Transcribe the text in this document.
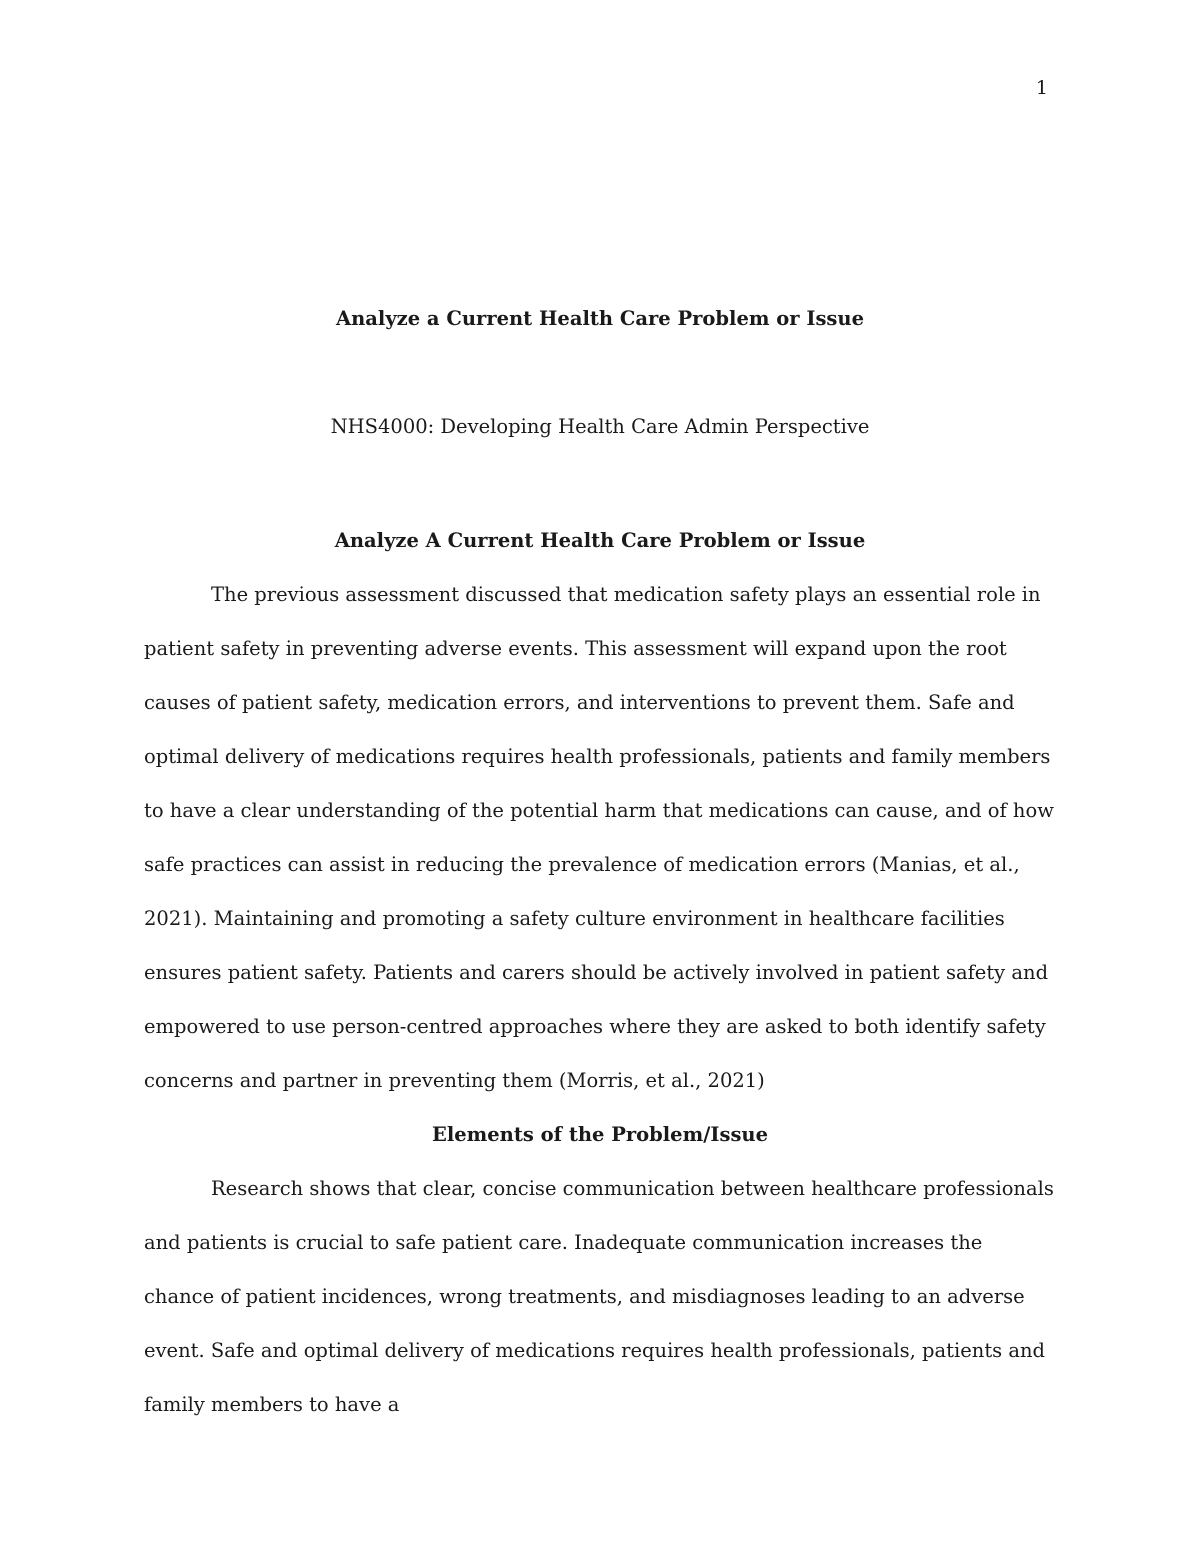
1
Analyze a Current Health Care Problem or Issue
NHS4000: Developing Health Care Admin Perspective

Analyze A Current Health Care Problem or Issue

The previous assessment discussed that medication safety plays an essential role in patient safety in preventing adverse events. This assessment will expand upon the root causes of patient safety, medication errors, and interventions to prevent them. Safe and optimal delivery of medications requires health professionals, patients and family members to have a clear understanding of the potential harm that medications can cause, and of how safe practices can assist in reducing the prevalence of medication errors (Manias, et al., 2021). Maintaining and promoting a safety culture environment in healthcare facilities ensures patient safety. Patients and carers should be actively involved in patient safety and empowered to use person-centred approaches where they are asked to both identify safety concerns and partner in preventing them (Morris, et al., 2021)

Elements of the Problem/Issue

Research shows that clear, concise communication between healthcare professionals and patients is crucial to safe patient care. Inadequate communication increases the chance of patient incidences, wrong treatments, and misdiagnoses leading to an adverse event. Safe and optimal delivery of medications requires health professionals, patients and family members to have a
